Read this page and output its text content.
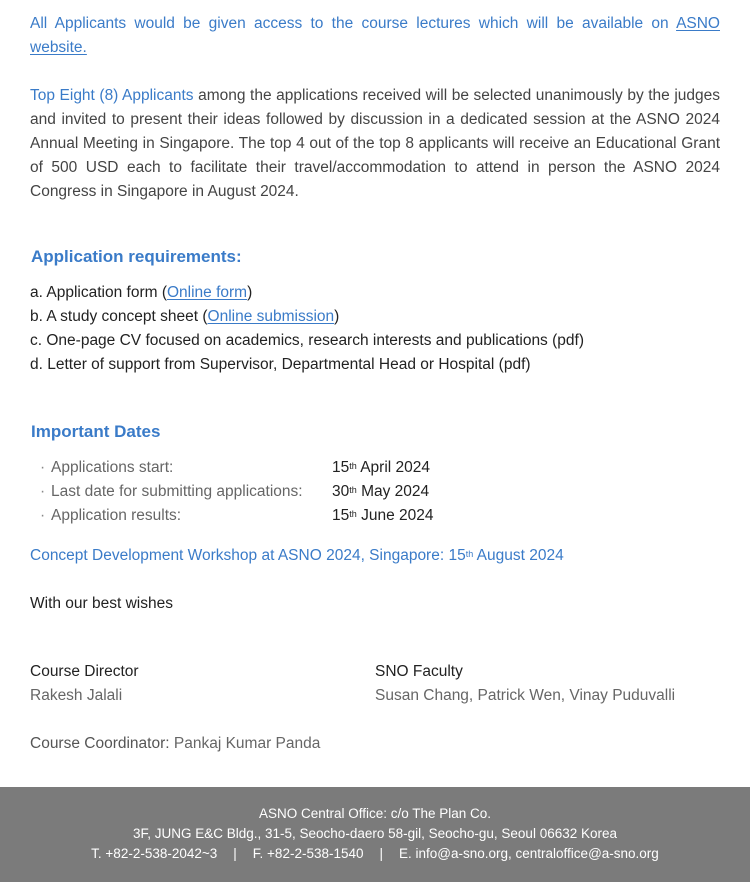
All Applicants would be given access to the course lectures which will be available on ASNO website.

Top Eight (8) Applicants among the applications received will be selected unanimously by the judges and invited to present their ideas followed by discussion in a dedicated session at the ASNO 2024 Annual Meeting in Singapore. The top 4 out of the top 8 applicants will receive an Educational Grant of 500 USD each to facilitate their travel/accommodation to attend in person the ASNO 2024 Congress in Singapore in August 2024.

Application requirements:
a. Application form (Online form)
b. A study concept sheet (Online submission)
c. One-page CV focused on academics, research interests and publications (pdf)
d. Letter of support from Supervisor, Departmental Head or Hospital (pdf)
Important Dates
· Applications start:	15th April 2024
· Last date for submitting applications: 30th May 2024
· Application results:	15th June 2024
Concept Development Workshop at ASNO 2024, Singapore: 15th August 2024
With our best wishes
Course Director
Rakesh Jalali
SNO Faculty
Susan Chang, Patrick Wen, Vinay Puduvalli
Course Coordinator: Pankaj Kumar Panda
ASNO Central Office: c/o The Plan Co.
3F, JUNG E&C Bldg., 31-5, Seocho-daero 58-gil, Seocho-gu, Seoul 06632 Korea
T. +82-2-538-2042~3 | F. +82-2-538-1540 | E. info@a-sno.org, centraloffice@a-sno.org
